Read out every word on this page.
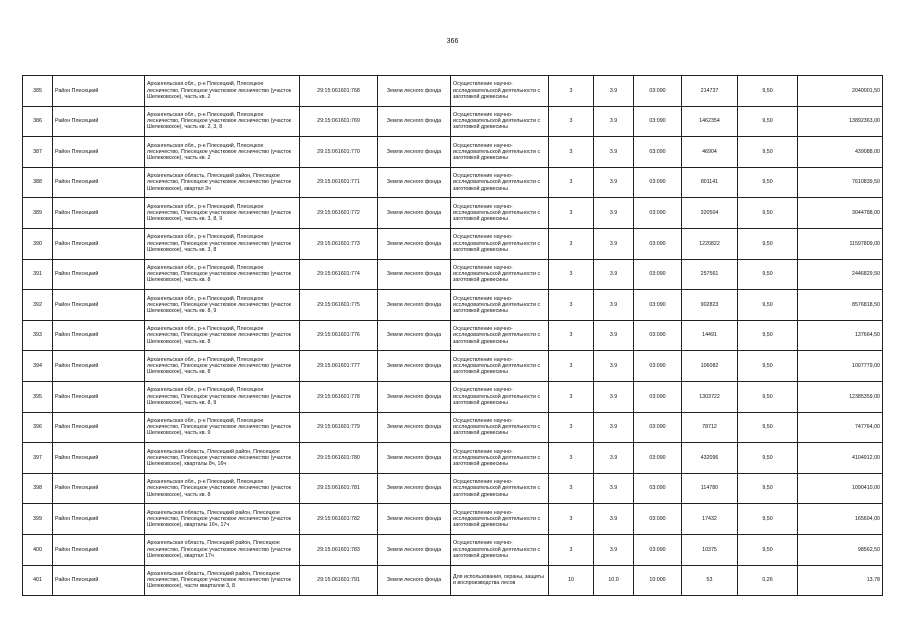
366
385	Район Плесецкий	Архангельская обл., р-н Плесецкий, Плесецкое лесничество, Плесецкое участковое лесничество (участок Шелековское), часть кв. 2	29:15:061601:768	Земли лесного фонда	Осуществление научно-исследовательской деятельности с заготовкой древесины	3	3.9	03:090	214737	9,50	2040001,50
386	Район Плесецкий	Архангельская обл., р-н Плесецкий, Плесецкое лесничество, Плесецкое участковое лесничество (участок Шелековское), часть кв. 2, 3, 8	29:15:061601:769	Земли лесного фонда	Осуществление научно-исследовательской деятельности с заготовкой древесины	3	3.9	03:090	1462354	9,50	13892363,00
387	Район Плесецкий	Архангельская обл., р-н Плесецкий, Плесецкое лесничество, Плесецкое участковое лесничество (участок Шелековское), часть кв. 2	29:15:061601:770	Земли лесного фонда	Осуществление научно-исследовательской деятельности с заготовкой древесины	3	3.9	03:090	46904	9,50	439088,00
388	Район Плесецкий	Архангельская область, Плесецкий район, Плесецкое лесничество, Плесецкое участковое лесничество (участок Шелековское), квартал 3ч	29:15:061601:771	Земли лесного фонда	Осуществление научно-исследовательской деятельности с заготовкой древесины	3	3.9	03:090	801141	9,50	7610839,50
389	Район Плесецкий	Архангельская обл., р-н Плесецкий, Плесецкое лесничество, Плесецкое участковое лесничество (участок Шелековское), часть кв. 3, 8, 9	29:15:061601:772	Земли лесного фонда	Осуществление научно-исследовательской деятельности с заготовкой древесины	3	3.9	03:090	320504	9,50	3044788,00
390	Район Плесецкий	Архангельская обл., р-н Плесецкий, Плесецкое лесничество, Плесецкое участковое лесничество (участок Шелековское), часть кв. 3, 8	29:15:061601:773	Земли лесного фонда	Осуществление научно-исследовательской деятельности с заготовкой древесины	3	3.9	03:090	1220822	9,50	11597809,00
391	Район Плесецкий	Архангельская обл., р-н Плесецкий, Плесецкое лесничество, Плесецкое участковое лесничество (участок Шелековское), часть кв. 8	29:15:061601:774	Земли лесного фонда	Осуществление научно-исследовательской деятельности с заготовкой древесины	3	3.9	03:090	257561	9,50	2446829,50
392	Район Плесецкий	Архангельская обл., р-н Плесецкий, Плесецкое лесничество, Плесецкое участковое лесничество (участок Шелековское), часть кв. 8, 9	29:15:061601:775	Земли лесного фонда	Осуществление научно-исследовательской деятельности с заготовкой древесины	3	3.9	03:090	902823	9,50	8576818,50
393	Район Плесецкий	Архангельская обл., р-н Плесецкий, Плесецкое лесничество, Плесецкое участковое лесничество (участок Шелековское), часть кв. 8	29:15:061601:776	Земли лесного фонда	Осуществление научно-исследовательской деятельности с заготовкой древесины	3	3.9	03:090	14491	9,50	137664,50
394	Район Плесецкий	Архангельская обл., р-н Плесецкий, Плесецкое лесничество, Плесецкое участковое лесничество (участок Шелековское), часть кв. 8	29:15:061601:777	Земли лесного фонда	Осуществление научно-исследовательской деятельности с заготовкой древесины	3	3.9	03:090	106082	9,50	1007779,00
395	Район Плесецкий	Архангельская обл., р-н Плесецкий, Плесецкое лесничество, Плесецкое участковое лесничество (участок Шелековское), часть кв. 8, 9	29:15:061601:778	Земли лесного фонда	Осуществление научно-исследовательской деятельности с заготовкой древесины	3	3.9	03:090	1303722	9,50	12385359,00
396	Район Плесецкий	Архангельская обл., р-н Плесецкий, Плесецкое лесничество, Плесецкое участковое лесничество (участок Шелековское), часть кв. 9	29:15:061601:779	Земли лесного фонда	Осуществление научно-исследовательской деятельности с заготовкой древесины	3	3.9	03:090	78712	9,50	747764,00
397	Район Плесецкий	Архангельская область, Плесецкий район, Плесецкое лесничество, Плесецкое участковое лесничество (участок Шелековское), кварталы 8ч, 16ч	29:15:061601:780	Земли лесного фонда	Осуществление научно-исследовательской деятельности с заготовкой древесины	3	3.9	03:090	432096	9,50	4104912,00
398	Район Плесецкий	Архангельская обл., р-н Плесецкий, Плесецкое лесничество, Плесецкое участковое лесничество (участок Шелековское), часть кв. 8	29:15:061601:781	Земли лесного фонда	Осуществление научно-исследовательской деятельности с заготовкой древесины	3	3.9	03:090	114780	9,50	1090410,00
399	Район Плесецкий	Архангельская область, Плесецкий район, Плесецкое лесничество, Плесецкое участковое лесничество (участок Шелековское), кварталы 16ч, 17ч	29:15:061601:782	Земли лесного фонда	Осуществление научно-исследовательской деятельности с заготовкой древесины	3	3.9	03:090	17432	9,50	165604,00
400	Район Плесецкий	Архангельская область, Плесецкий район, Плесецкое лесничество, Плесецкое участковое лесничество (участок Шелековское), квартал 17ч	29:15:061601:783	Земли лесного фонда	Осуществление научно-исследовательской деятельности с заготовкой древесины	3	3.9	03:090	10375	9,50	98562,50
401	Район Плесецкий	Архангельская область, Плесецкий район, Плесецкое лесничество, Плесецкое участковое лесничество (участок Шелековское), части кварталов 3, 8	29:15:061601:791	Земли лесного фонда	Для использования, охраны, защиты и воспроизводства лесов	10	10.0	10:000	53	0,26	13,78
